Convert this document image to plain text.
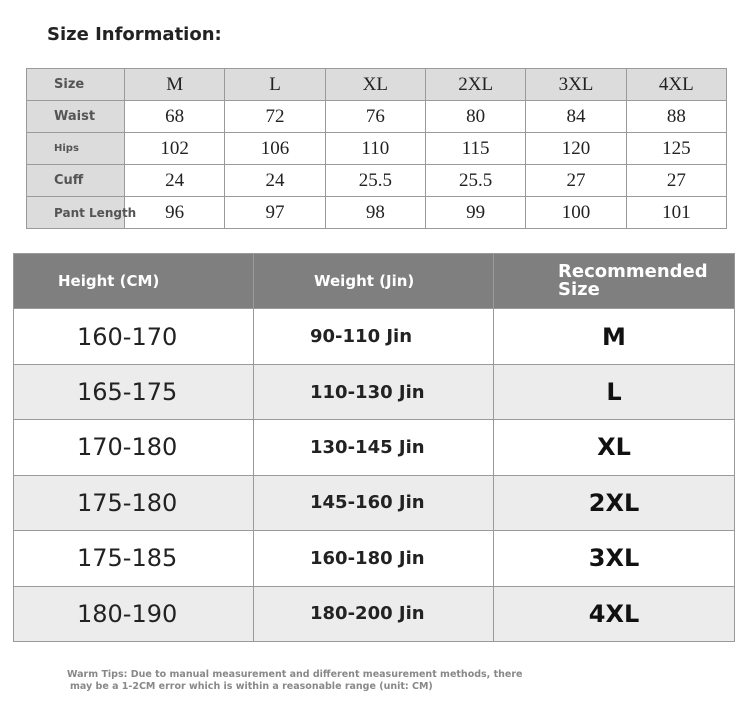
Size Information:
Size	M	L	XL	2XL	3XL	4XL
Waist	68	72	76	80	84	88
Hips	102	106	110	115	120	125
Cuff	24	24	25.5	25.5	27	27
Pant Length	96	97	98	99	100	101
Height (CM)	Weight (Jin)	Recommended Size
160-170	90-110 Jin	M
165-175	110-130 Jin	L
170-180	130-145 Jin	XL
175-180	145-160 Jin	2XL
175-185	160-180 Jin	3XL
180-190	180-200 Jin	4XL
Warm Tips: Due to manual measurement and different measurement methods, there
may be a 1-2CM error which is within a reasonable range (unit: CM)
